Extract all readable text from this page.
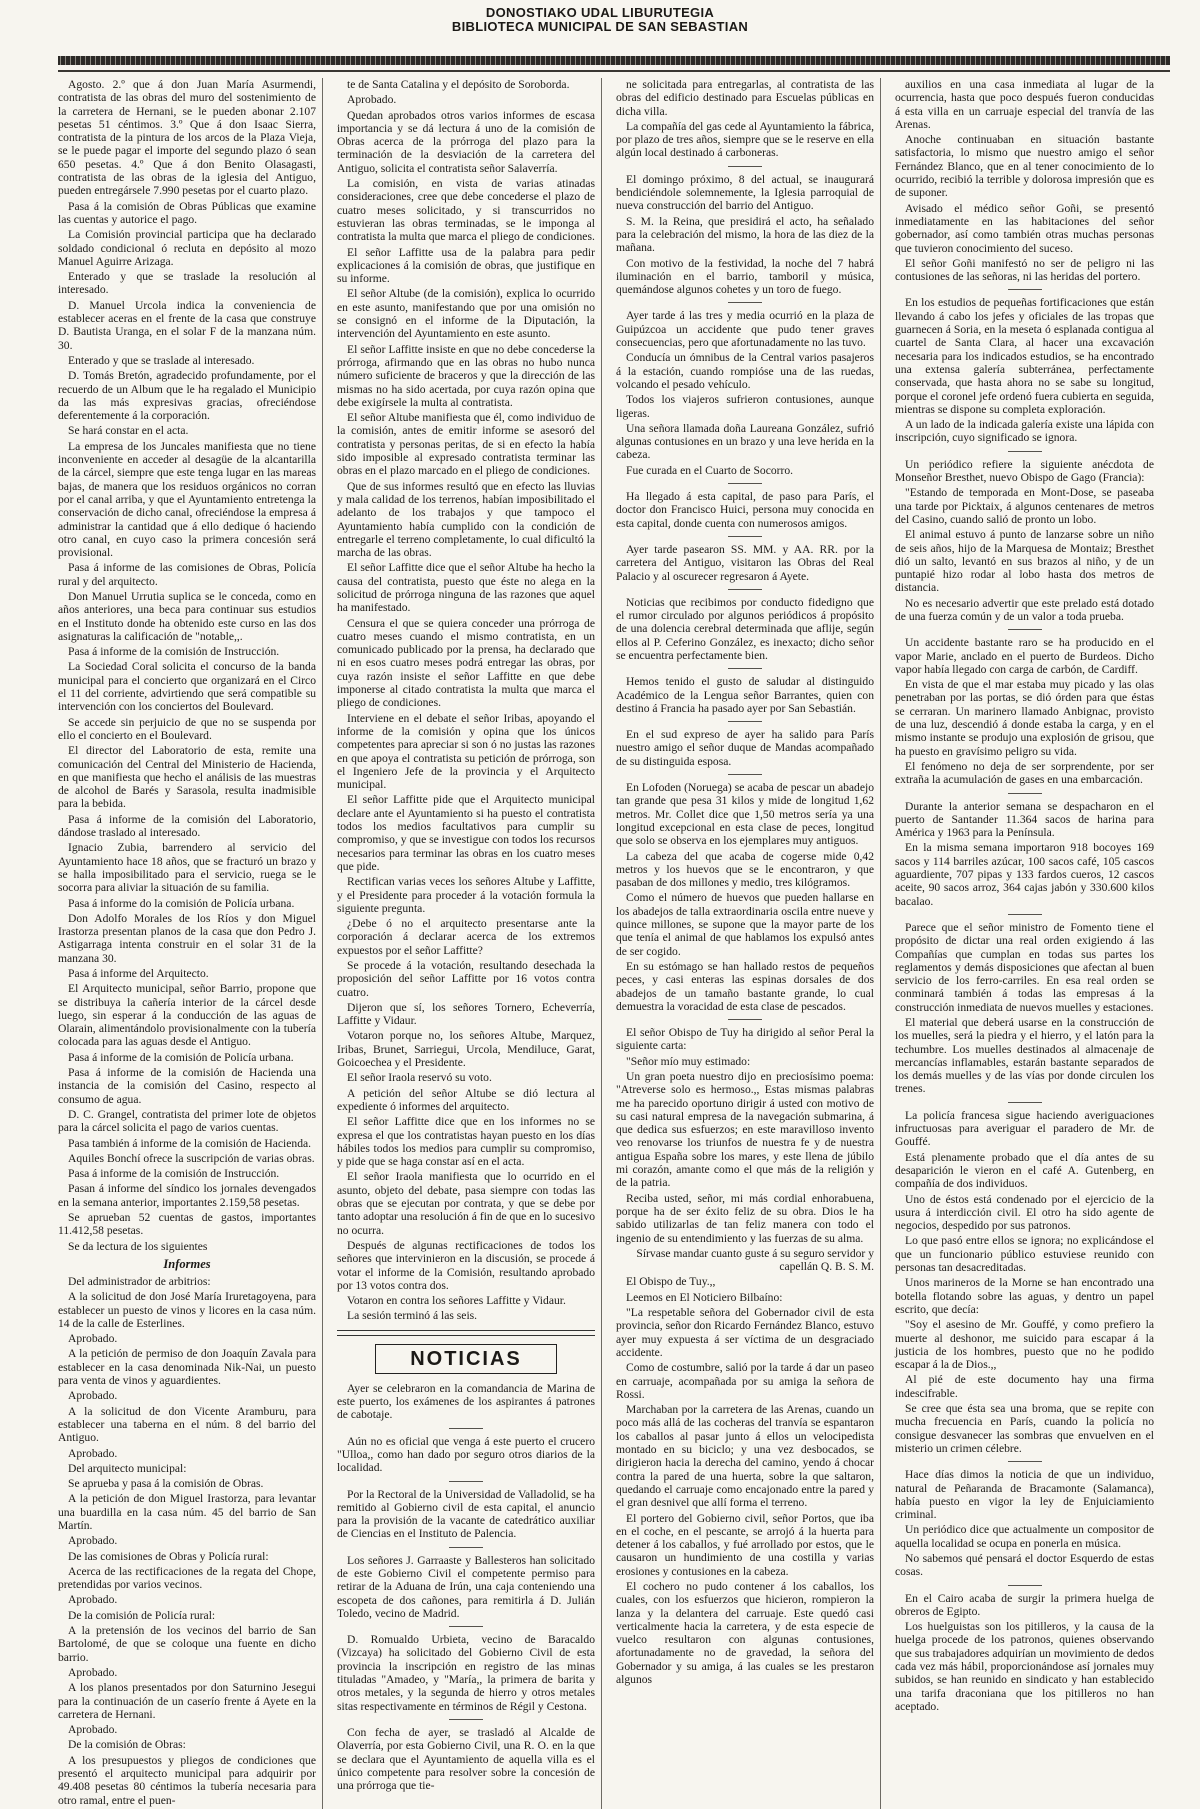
DONOSTIAKO UDAL LIBURUTEGIA
BIBLIOTECA MUNICIPAL DE SAN SEBASTIAN

Agosto. 2.º que á don Juan María Asurmendi, contratista de las obras del muro del sostenimiento de la carretera de Hernani, se le pueden abonar 2.107 pesetas 51 céntimos. 3.º Que á don Isaac Sierra, contratista de la pintura de los arcos de la Plaza Vieja, se le puede pagar el importe del segundo plazo ó sean 650 pesetas. 4.º Que á don Benito Olasagasti, contratista de las obras de la iglesia del Antiguo, pueden entregársele 7.990 pesetas por el cuarto plazo.

Pasa á la comisión de Obras Públicas que examine las cuentas y autorice el pago.

La Comisión provincial participa que ha declarado soldado condicional ó recluta en depósito al mozo Manuel Aguirre Arizaga.

Enterado y que se traslade la resolución al interesado.

D. Manuel Urcola indica la conveniencia de establecer aceras en el frente de la casa que construye D. Bautista Uranga, en el solar F de la manzana núm. 30.

Enterado y que se traslade al interesado.

D. Tomás Bretón, agradecido profundamente, por el recuerdo de un Album que le ha regalado el Municipio da las más expresivas gracias, ofreciéndose deferentemente á la corporación.

Se hará constar en el acta.

La empresa de los Juncales manifiesta que no tiene inconveniente en acceder al desagüe de la alcantarilla de la cárcel, siempre que este tenga lugar en las mareas bajas, de manera que los residuos orgánicos no corran por el canal arriba, y que el Ayuntamiento entretenga la conservación de dicho canal, ofreciéndose la empresa á administrar la cantidad que á ello dedique ó haciendo otro canal, en cuyo caso la primera concesión será provisional.

Pasa á informe de las comisiones de Obras, Policía rural y del arquitecto.

Don Manuel Urrutia suplica se le conceda, como en años anteriores, una beca para continuar sus estudios en el Instituto donde ha obtenido este curso en las dos asignaturas la calificación de "notable,,.

Pasa á informe de la comisión de Instrucción.

La Sociedad Coral solicita el concurso de la banda municipal para el concierto que organizará en el Circo el 11 del corriente, advirtiendo que será compatible su intervención con los conciertos del Boulevard.

Se accede sin perjuicio de que no se suspenda por ello el concierto en el Boulevard.

El director del Laboratorio de esta, remite una comunicación del Central del Ministerio de Hacienda, en que manifiesta que hecho el análisis de las muestras de alcohol de Barés y Sarasola, resulta inadmisible para la bebida.

Pasa á informe de la comisión del Laboratorio, dándose traslado al interesado.

Ignacio Zubia, barrendero al servicio del Ayuntamiento hace 18 años, que se fracturó un brazo y se halla imposibilitado para el servicio, ruega se le socorra para aliviar la situación de su familia.

Pasa á informe do la comisión de Policía urbana.

Don Adolfo Morales de los Ríos y don Miguel Irastorza presentan planos de la casa que don Pedro J. Astigarraga intenta construir en el solar 31 de la manzana 30.

Pasa á informe del Arquitecto.

El Arquitecto municipal, señor Barrio, propone que se distribuya la cañería interior de la cárcel desde luego, sin esperar á la conducción de las aguas de Olarain, alimentándolo provisionalmente con la tubería colocada para las aguas desde el Antiguo.

Pasa á informe de la comisión de Policía urbana.

Pasa á informe de la comisión de Hacienda una instancia de la comisión del Casino, respecto al consumo de agua.

D. C. Grangel, contratista del primer lote de objetos para la cárcel solicita el pago de varios cuentas.

Pasa también á informe de la comisión de Hacienda.

Aquiles Bonchí ofrece la suscripción de varias obras.

Pasa á informe de la comisión de Instrucción.

Pasan á informe del síndico los jornales devengados en la semana anterior, importantes 2.159,58 pesetas.

Se aprueban 52 cuentas de gastos, importantes 11.412,58 pesetas.

Se da lectura de los siguientes

Informes

Del administrador de arbitrios:

A la solicitud de don José María Iruretagoyena, para establecer un puesto de vinos y licores en la casa núm. 14 de la calle de Esterlines.

Aprobado.

A la petición de permiso de don Joaquín Zavala para establecer en la casa denominada Nik-Nai, un puesto para venta de vinos y aguardientes.

Aprobado.

A la solicitud de don Vicente Aramburu, para establecer una taberna en el núm. 8 del barrio del Antiguo.

Aprobado.

Del arquitecto municipal:

Se aprueba y pasa á la comisión de Obras.

A la petición de don Miguel Irastorza, para levantar una buardilla en la casa núm. 45 del barrio de San Martín.

Aprobado.

De las comisiones de Obras y Policía rural:

Acerca de las rectificaciones de la regata del Chope, pretendidas por varios vecinos.

Aprobado.

De la comisión de Policía rural:

A la pretensión de los vecinos del barrio de San Bartolomé, de que se coloque una fuente en dicho barrio.

Aprobado.

A los planos presentados por don Saturnino Jesegui para la continuación de un caserío frente á Ayete en la carretera de Hernani.

Aprobado.

De la comisión de Obras:

A los presupuestos y pliegos de condiciones que presentó el arquitecto municipal para adquirir por 49.408 pesetas 80 céntimos la tubería necesaria para otro ramal, entre el puen-

te de Santa Catalina y el depósito de Soroborda.

Aprobado.

Quedan aprobados otros varios informes de escasa importancia y se dá lectura á uno de la comisión de Obras acerca de la prórroga del plazo para la terminación de la desviación de la carretera del Antiguo, solicita el contratista señor Salaverría.

La comisión, en vista de varias atinadas consideraciones, cree que debe concederse el plazo de cuatro meses solicitado, y si transcurridos no estuvieran las obras terminadas, se le imponga al contratista la multa que marca el pliego de condiciones.

El señor Laffitte usa de la palabra para pedir explicaciones á la comisión de obras, que justifique en su informe.

El señor Altube (de la comisión), explica lo ocurrido en este asunto, manifestando que por una omisión no se consignó en el informe de la Diputación, la intervención del Ayuntamiento en este asunto.

El señor Laffitte insiste en que no debe concederse la prórroga, afirmando que en las obras no hubo nunca número suficiente de braceros y que la dirección de las mismas no ha sido acertada, por cuya razón opina que debe exigírsele la multa al contratista.

El señor Altube manifiesta que él, como individuo de la comisión, antes de emitir informe se asesoró del contratista y personas peritas, de si en efecto la había sido imposible al expresado contratista terminar las obras en el plazo marcado en el pliego de condiciones.

Que de sus informes resultó que en efecto las lluvias y mala calidad de los terrenos, habían imposibilitado el adelanto de los trabajos y que tampoco el Ayuntamiento había cumplido con la condición de entregarle el terreno completamente, lo cual dificultó la marcha de las obras.

El señor Laffitte dice que el señor Altube ha hecho la causa del contratista, puesto que éste no alega en la solicitud de prórroga ninguna de las razones que aquel ha manifestado.

Censura el que se quiera conceder una prórroga de cuatro meses cuando el mismo contratista, en un comunicado publicado por la prensa, ha declarado que ni en esos cuatro meses podrá entregar las obras, por cuya razón insiste el señor Laffitte en que debe imponerse al citado contratista la multa que marca el pliego de condiciones.

Interviene en el debate el señor Iribas, apoyando el informe de la comisión y opina que los únicos competentes para apreciar si son ó no justas las razones en que apoya el contratista su petición de prórroga, son el Ingeniero Jefe de la provincia y el Arquitecto municipal.

El señor Laffitte pide que el Arquitecto municipal declare ante el Ayuntamiento si ha puesto el contratista todos los medios facultativos para cumplir su compromiso, y que se investigue con todos los recursos necesarios para terminar las obras en los cuatro meses que pide.

Rectifican varias veces los señores Altube y Laffitte, y el Presidente para proceder á la votación formula la siguiente pregunta.

¿Debe ó no el arquitecto presentarse ante la corporación á declarar acerca de los extremos expuestos por el señor Laffitte?

Se procede á la votación, resultando desechada la proposición del señor Laffitte por 16 votos contra cuatro.

Dijeron que sí, los señores Tornero, Echeverría, Laffitte y Vidaur.

Votaron porque no, los señores Altube, Marquez, Iribas, Brunet, Sarriegui, Urcola, Mendiluce, Garat, Goicoechea y el Presidente.

El señor Iraola reservó su voto.

A petición del señor Altube se dió lectura al expediente ó informes del arquitecto.

El señor Laffitte dice que en los informes no se expresa el que los contratistas hayan puesto en los días hábiles todos los medios para cumplir su compromiso, y pide que se haga constar así en el acta.

El señor Iraola manifiesta que lo ocurrido en el asunto, objeto del debate, pasa siempre con todas las obras que se ejecutan por contrata, y que se debe por tanto adoptar una resolución á fin de que en lo sucesivo no ocurra.

Después de algunas rectificaciones de todos los señores que intervinieron en la discusión, se procede á votar el informe de la Comisión, resultando aprobado por 13 votos contra dos.

Votaron en contra los señores Laffitte y Vidaur.

La sesión terminó á las seis.

NOTICIAS

Ayer se celebraron en la comandancia de Marina de este puerto, los exámenes de los aspirantes á patrones de cabotaje.

Aún no es oficial que venga á este puerto el crucero "Ulloa,, como han dado por seguro otros diarios de la localidad.

Por la Rectoral de la Universidad de Valladolid, se ha remitido al Gobierno civil de esta capital, el anuncio para la provisión de la vacante de catedrático auxiliar de Ciencias en el Instituto de Palencia.

Los señores J. Garraaste y Ballesteros han solicitado de este Gobierno Civil el competente permiso para retirar de la Aduana de Irún, una caja conteniendo una escopeta de dos cañones, para remitirla á D. Julián Toledo, vecino de Madrid.

D. Romualdo Urbieta, vecino de Baracaldo (Vizcaya) ha solicitado del Gobierno Civil de esta provincia la inscripción en registro de las minas tituladas "Amadeo, y "María,, la primera de barita y otros metales, y la segunda de hierro y otros metales sitas respectivamente en términos de Régil y Cestona.

Con fecha de ayer, se trasladó al Alcalde de Olaverría, por esta Gobierno Civil, una R. O. en la que se declara que el Ayuntamiento de aquella villa es el único competente para resolver sobre la concesión de una prórroga que tie-

ne solicitada para entregarlas, al contratista de las obras del edificio destinado para Escuelas públicas en dicha villa.

La compañía del gas cede al Ayuntamiento la fábrica, por plazo de tres años, siempre que se le reserve en ella algún local destinado á carboneras.

El domingo próximo, 8 del actual, se inaugurará bendiciéndole solemnemente, la Iglesia parroquial de nueva construcción del barrio del Antiguo.

S. M. la Reina, que presidirá el acto, ha señalado para la celebración del mismo, la hora de las diez de la mañana.

Con motivo de la festividad, la noche del 7 habrá iluminación en el barrio, tamboril y música, quemándose algunos cohetes y un toro de fuego.

Ayer tarde á las tres y media ocurrió en la plaza de Guipúzcoa un accidente que pudo tener graves consecuencias, pero que afortunadamente no las tuvo.

Conducía un ómnibus de la Central varios pasajeros á la estación, cuando rompióse una de las ruedas, volcando el pesado vehículo.

Todos los viajeros sufrieron contusiones, aunque ligeras.

Una señora llamada doña Laureana González, sufrió algunas contusiones en un brazo y una leve herida en la cabeza.

Fue curada en el Cuarto de Socorro.

Ha llegado á esta capital, de paso para París, el doctor don Francisco Huici, persona muy conocida en esta capital, donde cuenta con numerosos amigos.

Ayer tarde pasearon SS. MM. y AA. RR. por la carretera del Antiguo, visitaron las Obras del Real Palacio y al oscurecer regresaron á Ayete.

Noticias que recibimos por conducto fidedigno que el rumor circulado por algunos periódicos á propósito de una dolencia cerebral determinada que aflije, según ellos al P. Ceferino González, es inexacto; dicho señor se encuentra perfectamente bien.

Hemos tenido el gusto de saludar al distinguido Académico de la Lengua señor Barrantes, quien con destino á Francia ha pasado ayer por San Sebastián.

En el sud expreso de ayer ha salido para París nuestro amigo el señor duque de Mandas acompañado de su distinguida esposa.

En Lofoden (Noruega) se acaba de pescar un abadejo tan grande que pesa 31 kilos y mide de longitud 1,62 metros. Mr. Collet dice que 1,50 metros sería ya una longitud excepcional en esta clase de peces, longitud que solo se observa en los ejemplares muy antiguos.

La cabeza del que acaba de cogerse mide 0,42 metros y los huevos que se le encontraron, y que pasaban de dos millones y medio, tres kilógramos.

Como el número de huevos que pueden hallarse en los abadejos de talla extraordinaria oscila entre nueve y quince millones, se supone que la mayor parte de los que tenía el animal de que hablamos los expulsó antes de ser cogido.

En su estómago se han hallado restos de pequeños peces, y casi enteras las espinas dorsales de dos abadejos de un tamaño bastante grande, lo cual demuestra la voracidad de esta clase de pescados.

El señor Obispo de Tuy ha dirigido al señor Peral la siguiente carta:

"Señor mío muy estimado:

Un gran poeta nuestro dijo en preciosísimo poema: "Atreverse solo es hermoso.,, Estas mismas palabras me ha parecido oportuno dirigir á usted con motivo de su casi natural empresa de la navegación submarina, á que dedica sus esfuerzos; en este maravilloso invento veo renovarse los triunfos de nuestra fe y de nuestra antigua España sobre los mares, y este llena de júbilo mi corazón, amante como el que más de la religión y de la patria.

Reciba usted, señor, mi más cordial enhorabuena, porque ha de ser éxito feliz de su obra. Dios le ha sabido utilizarlas de tan feliz manera con todo el ingenio de su entendimiento y las fuerzas de su alma.

Sírvase mandar cuanto guste á su seguro servidor y capellán Q. B. S. M.

El Obispo de Tuy.,,

Leemos en El Noticiero Bilbaíno:

"La respetable señora del Gobernador civil de esta provincia, señor don Ricardo Fernández Blanco, estuvo ayer muy expuesta á ser víctima de un desgraciado accidente.

Como de costumbre, salió por la tarde á dar un paseo en carruaje, acompañada por su amiga la señora de Rossi.

Marchaban por la carretera de las Arenas, cuando un poco más allá de las cocheras del tranvía se espantaron los caballos al pasar junto á ellos un velocipedista montado en su biciclo; y una vez desbocados, se dirigieron hacia la derecha del camino, yendo á chocar contra la pared de una huerta, sobre la que saltaron, quedando el carruaje como encajonado entre la pared y el gran desnivel que allí forma el terreno.

El portero del Gobierno civil, señor Portos, que iba en el coche, en el pescante, se arrojó á la huerta para detener á los caballos, y fué arrollado por estos, que le causaron un hundimiento de una costilla y varias erosiones y contusiones en la cabeza.

El cochero no pudo contener á los caballos, los cuales, con los esfuerzos que hicieron, rompieron la lanza y la delantera del carruaje. Este quedó casi verticalmente hacia la carretera, y de esta especie de vuelco resultaron con algunas contusiones, afortunadamente no de gravedad, la señora del Gobernador y su amiga, á las cuales se les prestaron algunos

auxilios en una casa inmediata al lugar de la ocurrencia, hasta que poco después fueron conducidas á esta villa en un carruaje especial del tranvía de las Arenas.

Anoche continuaban en situación bastante satisfactoria, lo mismo que nuestro amigo el señor Fernández Blanco, que en al tener conocimiento de lo ocurrido, recibió la terrible y dolorosa impresión que es de suponer.

Avisado el médico señor Goñi, se presentó inmediatamente en las habitaciones del señor gobernador, así como también otras muchas personas que tuvieron conocimiento del suceso.

El señor Goñi manifestó no ser de peligro ni las contusiones de las señoras, ni las heridas del portero.

En los estudios de pequeñas fortificaciones que están llevando á cabo los jefes y oficiales de las tropas que guarnecen á Soria, en la meseta ó esplanada contigua al cuartel de Santa Clara, al hacer una excavación necesaria para los indicados estudios, se ha encontrado una extensa galería subterránea, perfectamente conservada, que hasta ahora no se sabe su longitud, porque el coronel jefe ordenó fuera cubierta en seguida, mientras se dispone su completa exploración.

A un lado de la indicada galería existe una lápida con inscripción, cuyo significado se ignora.

Un periódico refiere la siguiente anécdota de Monseñor Bresthet, nuevo Obispo de Gago (Francia):

"Estando de temporada en Mont-Dose, se paseaba una tarde por Picktaix, á algunos centenares de metros del Casino, cuando salió de pronto un lobo.

El animal estuvo á punto de lanzarse sobre un niño de seis años, hijo de la Marquesa de Montaiz; Bresthet dió un salto, levantó en sus brazos al niño, y de un puntapié hizo rodar al lobo hasta dos metros de distancia.

No es necesario advertir que este prelado está dotado de una fuerza común y de un valor a toda prueba.

Un accidente bastante raro se ha producido en el vapor Marie, anclado en el puerto de Burdeos. Dicho vapor había llegado con carga de carbón, de Cardiff.

En vista de que el mar estaba muy picado y las olas penetraban por las portas, se dió órden para que éstas se cerraran. Un marinero llamado Anbignac, provisto de una luz, descendió á donde estaba la carga, y en el mismo instante se produjo una explosión de grisou, que ha puesto en gravísimo peligro su vida.

El fenómeno no deja de ser sorprendente, por ser extraña la acumulación de gases en una embarcación.

Durante la anterior semana se despacharon en el puerto de Santander 11.364 sacos de harina para América y 1963 para la Península.

En la misma semana importaron 918 bocoyes 169 sacos y 114 barriles azúcar, 100 sacos café, 105 cascos aguardiente, 707 pipas y 133 fardos cueros, 12 cascos aceite, 90 sacos arroz, 364 cajas jabón y 330.600 kilos bacalao.

Parece que el señor ministro de Fomento tiene el propósito de dictar una real orden exigiendo á las Compañías que cumplan en todas sus partes los reglamentos y demás disposiciones que afectan al buen servicio de los ferro-carriles. En esa real orden se conminará también á todas las empresas á la construcción inmediata de nuevos muelles y estaciones.

El material que deberá usarse en la construcción de los muelles, será la piedra y el hierro, y el latón para la techumbre. Los muelles destinados al almacenaje de mercancías inflamables, estarán bastante separados de los demás muelles y de las vías por donde circulen los trenes.

La policía francesa sigue haciendo averiguaciones infructuosas para averiguar el paradero de Mr. de Gouffé.

Está plenamente probado que el día antes de su desaparición le vieron en el café A. Gutenberg, en compañía de dos individuos.

Uno de éstos está condenado por el ejercicio de la usura á interdicción civil. El otro ha sido agente de negocios, despedido por sus patronos.

Lo que pasó entre ellos se ignora; no explicándose el que un funcionario público estuviese reunido con personas tan desacreditadas.

Unos marineros de la Morne se han encontrado una botella flotando sobre las aguas, y dentro un papel escrito, que decía:

"Soy el asesino de Mr. Gouffé, y como prefiero la muerte al deshonor, me suicido para escapar á la justicia de los hombres, puesto que no he podido escapar á la de Dios.,,

Al pié de este documento hay una firma indescifrable.

Se cree que ésta sea una broma, que se repite con mucha frecuencia en París, cuando la policía no consigue desvanecer las sombras que envuelven en el misterio un crimen célebre.

Hace días dimos la noticia de que un individuo, natural de Peñaranda de Bracamonte (Salamanca), había puesto en vigor la ley de Enjuiciamiento criminal.

Un periódico dice que actualmente un compositor de aquella localidad se ocupa en ponerla en música.

No sabemos qué pensará el doctor Esquerdo de estas cosas.

En el Cairo acaba de surgir la primera huelga de obreros de Egipto.

Los huelguistas son los pitilleros, y la causa de la huelga procede de los patronos, quienes observando que sus trabajadores adquirían un movimiento de dedos cada vez más hábil, proporcionándose así jornales muy subidos, se han reunido en sindicato y han establecido una tarifa draconiana que los pitilleros no han aceptado.
